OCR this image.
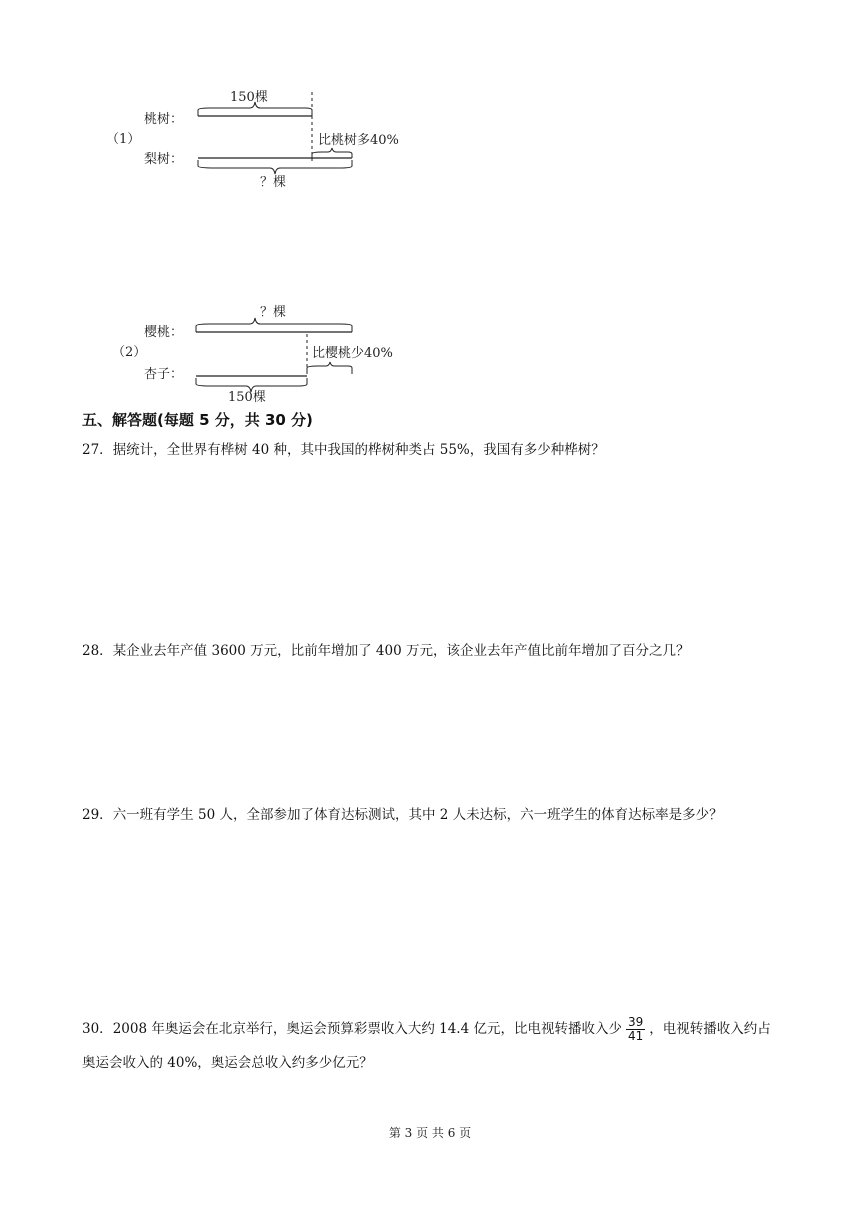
（1）
桃树：
梨树：
150棵
比桃树多40%
？棵
（2）
樱桃：
杏子：
？棵
比樱桃少40%
150棵
五、解答题(每题 5 分，共 30 分)
27．据统计，全世界有桦树 40 种，其中我国的桦树种类占 55%，我国有多少种桦树？
28．某企业去年产值 3600 万元，比前年增加了 400 万元，该企业去年产值比前年增加了百分之几？
29．六一班有学生 50 人，全部参加了体育达标测试，其中 2 人未达标，六一班学生的体育达标率是多少？
30．2008 年奥运会在北京举行，奥运会预算彩票收入大约 14.4 亿元，比电视转播收入少 $\frac{39}{41}$ ，电视转播收入约占奥运会收入的 40%，奥运会总收入约多少亿元？
第 3 页 共 6 页
